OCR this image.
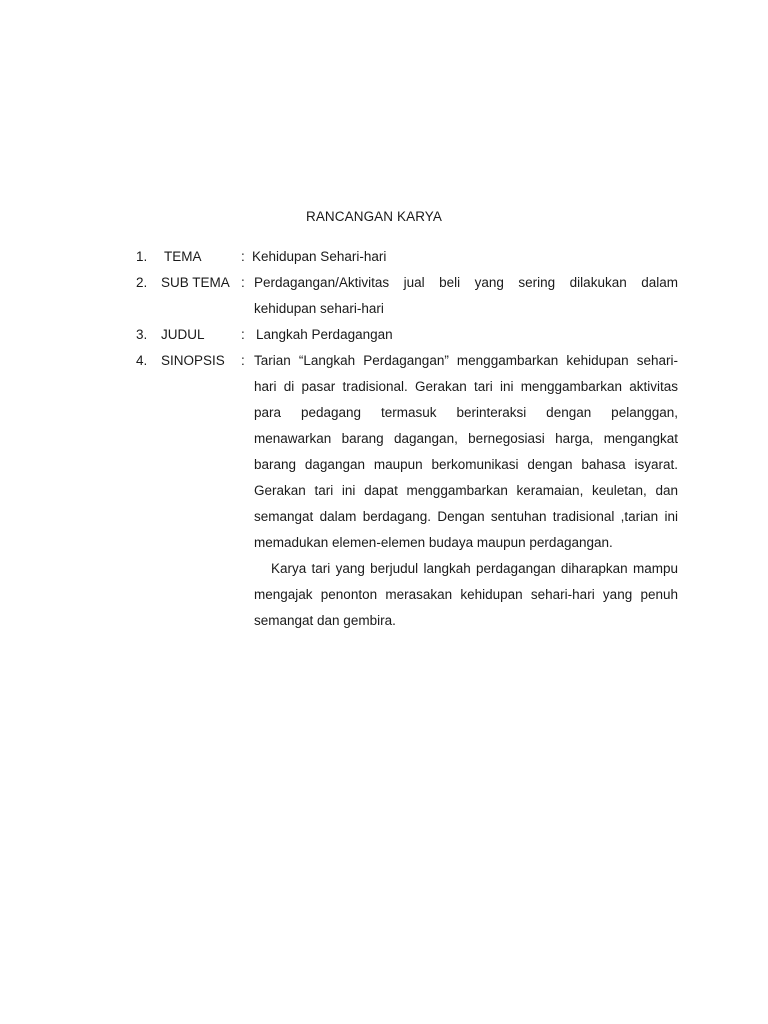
RANCANGAN KARYA
1. TEMA	: Kehidupan Sehari-hari
2. SUB TEMA : Perdagangan/Aktivitas jual beli yang sering dilakukan dalam kehidupan sehari-hari

3. JUDUL	: Langkah Perdagangan
4. SINOPSIS : Tarian “Langkah Perdagangan” menggambarkan kehidupan sehari-hari di pasar tradisional. Gerakan tari ini menggambarkan aktivitas para pedagang termasuk berinteraksi dengan pelanggan, menawarkan barang dagangan, bernegosiasi harga, mengangkat barang dagangan maupun berkomunikasi dengan bahasa isyarat. Gerakan tari ini dapat menggambarkan keramaian, keuletan, dan semangat dalam berdagang. Dengan sentuhan tradisional ,tarian ini memadukan elemen-elemen budaya maupun perdagangan.

Karya tari yang berjudul langkah perdagangan diharapkan mampu mengajak penonton merasakan kehidupan sehari-hari yang penuh semangat dan gembira.
